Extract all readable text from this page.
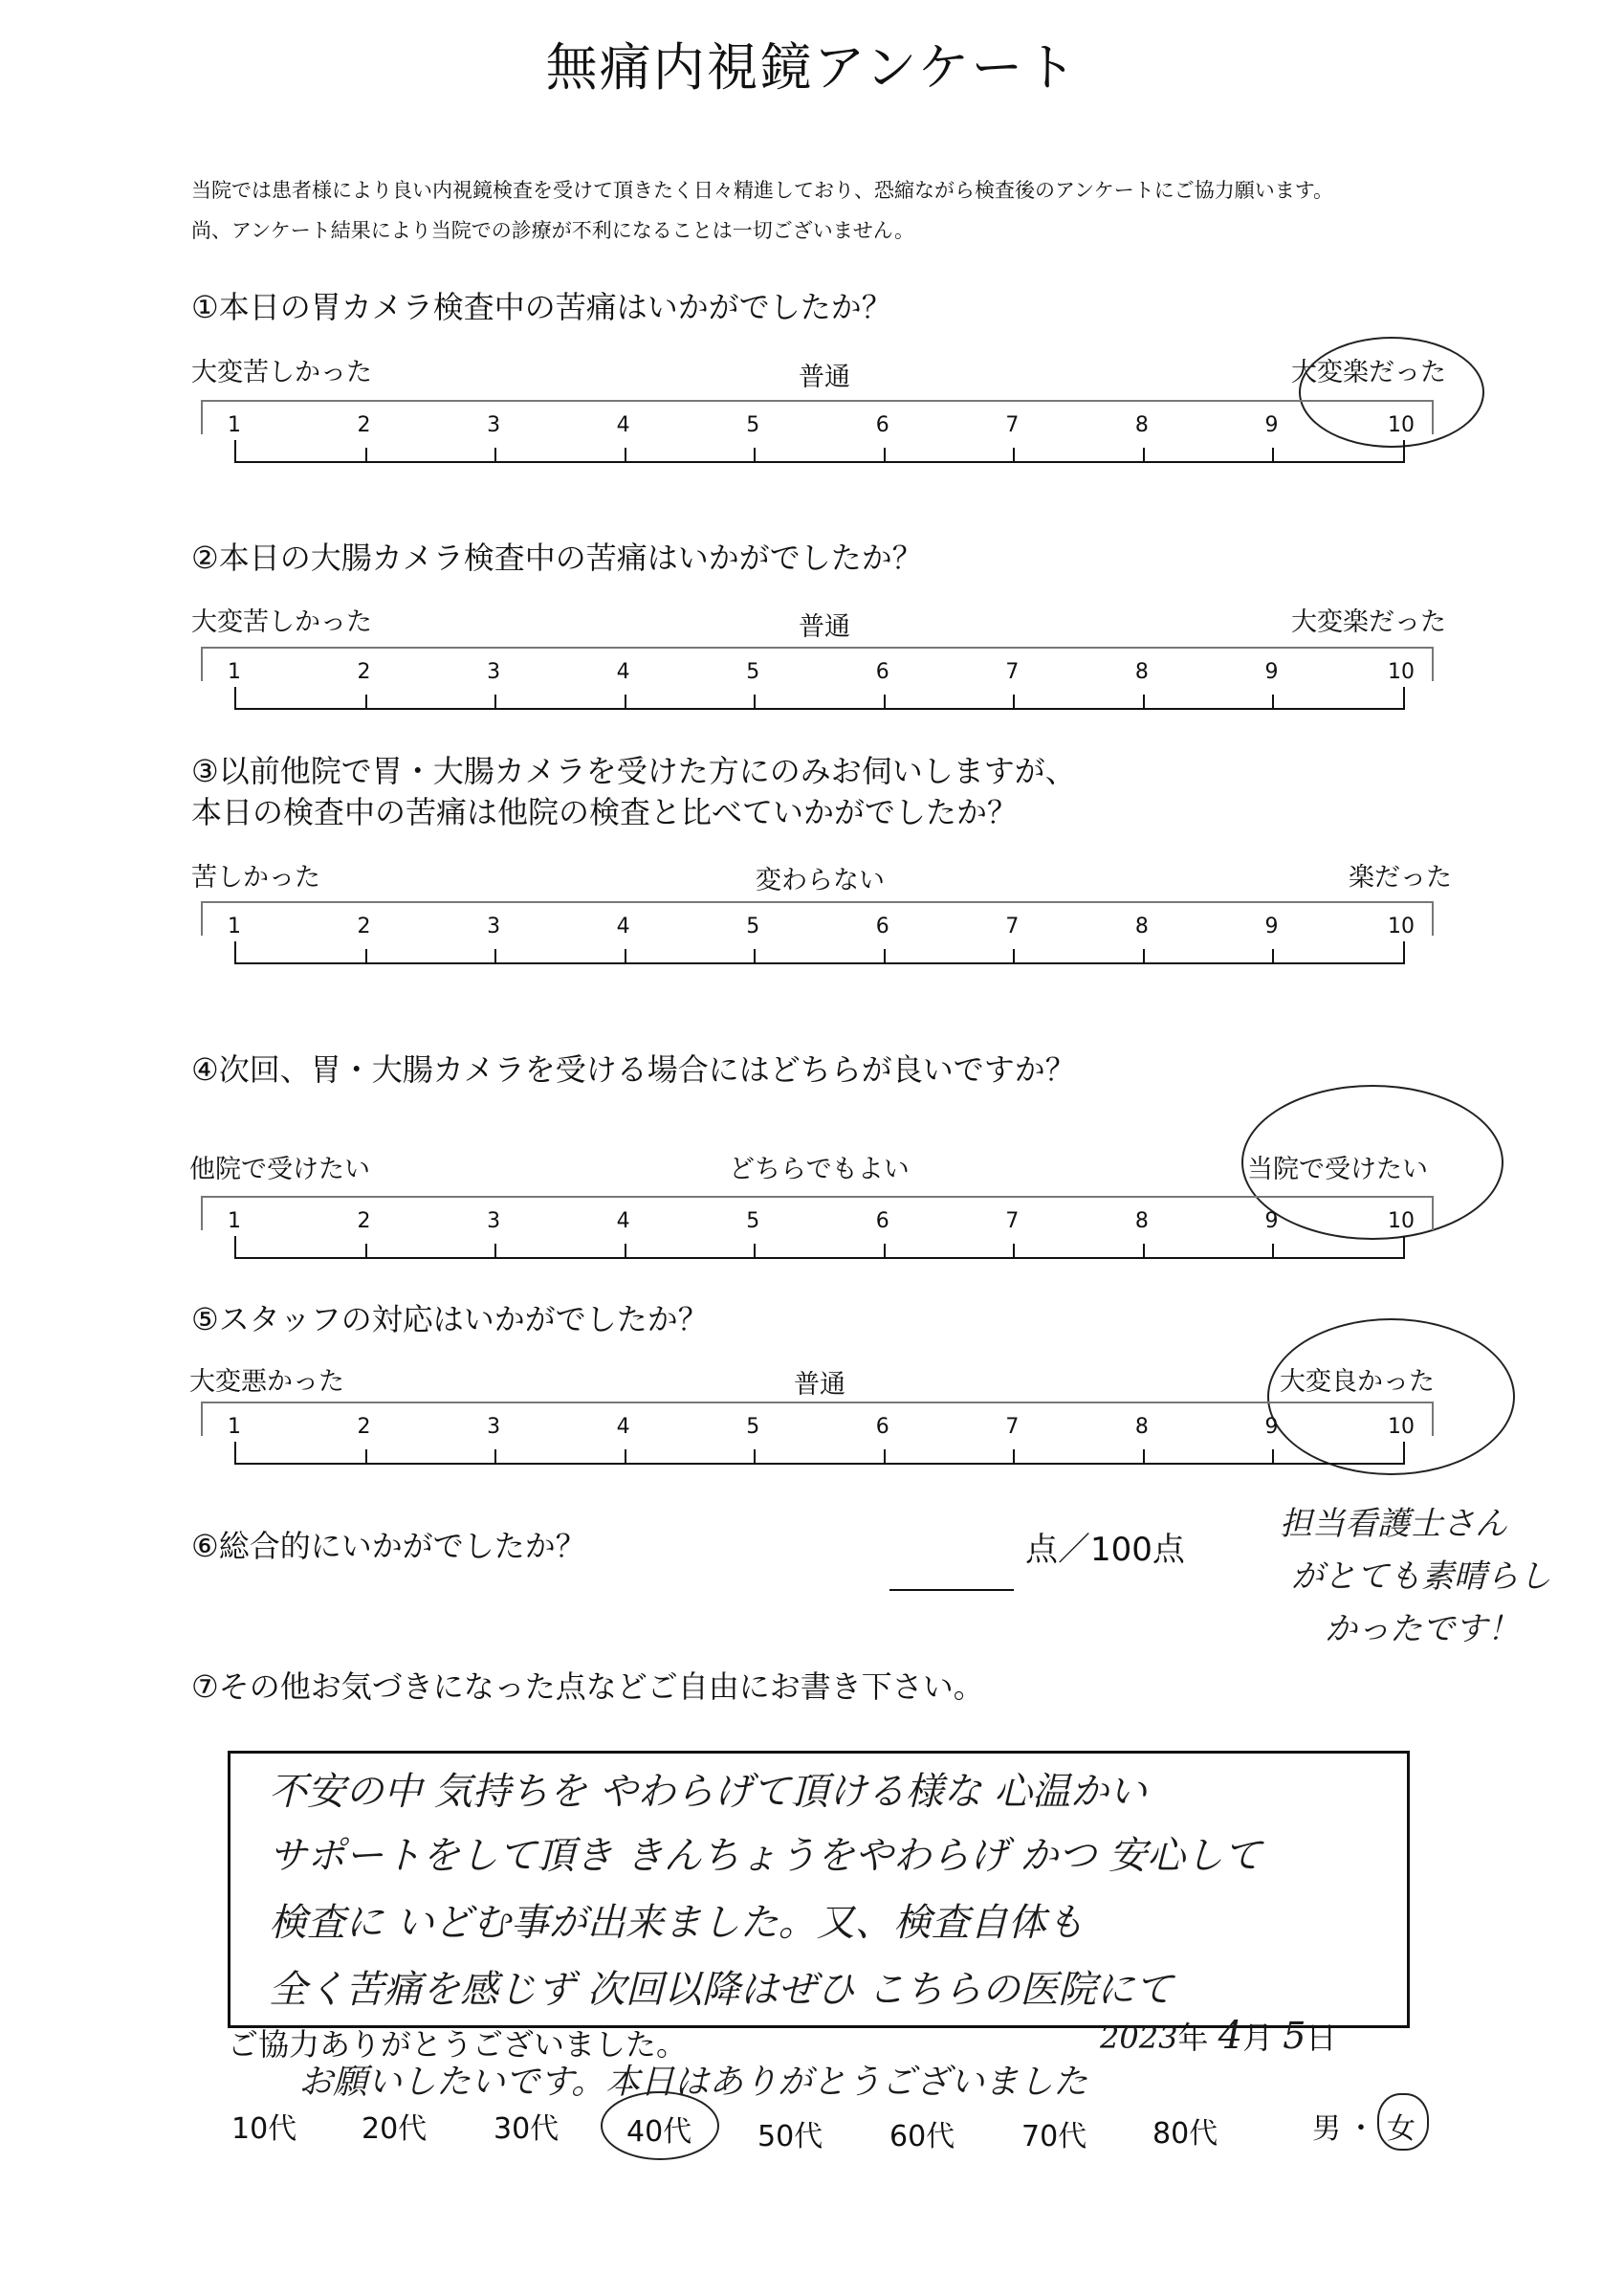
無痛内視鏡アンケート
当院では患者様により良い内視鏡検査を受けて頂きたく日々精進しており、恐縮ながら検査後のアンケートにご協力願います。
尚、アンケート結果により当院での診療が不利になることは一切ございません。
①本日の胃カメラ検査中の苦痛はいかがでしたか？
大変苦しかった	普通	大変楽だった
②本日の大腸カメラ検査中の苦痛はいかがでしたか？
大変苦しかった	普通	大変楽だった
③以前他院で胃・大腸カメラを受けた方にのみお伺いしますが、
本日の検査中の苦痛は他院の検査と比べていかがでしたか？
苦しかった	変わらない	楽だった
④次回、胃・大腸カメラを受ける場合にはどちらが良いですか？
他院で受けたい	どちらでもよい	当院で受けたい
⑤スタッフの対応はいかがでしたか？
大変悪かった	普通	大変良かった
⑥総合的にいかがでしたか？	点／100点
担当看護士さん
がとても素晴らし
かったです！
⑦その他お気づきになった点などご自由にお書き下さい。
不安の中 気持ちを やわらげて頂ける様な 心温かい
サポートをして頂き きんちょうをやわらげ かつ 安心して
検査に いどむ事が出来ました。又、検査自体も
全く苦痛を感じず 次回以降はぜひ こちらの医院にて
ご協力ありがとうございました。
お願いしたいです。本日はありがとうございました
2023年 4月 5日
10代 20代 30代 40代 50代 60代 70代 80代	男 ・ 女
1	2	3	4	5	6	7	8	9	10
1	2	3	4	5	6	7	8	9	10
1	2	3	4	5	6	7	8	9	10
1	2	3	4	5	6	7	8	9	10
1	2	3	4	5	6	7	8	9	10
